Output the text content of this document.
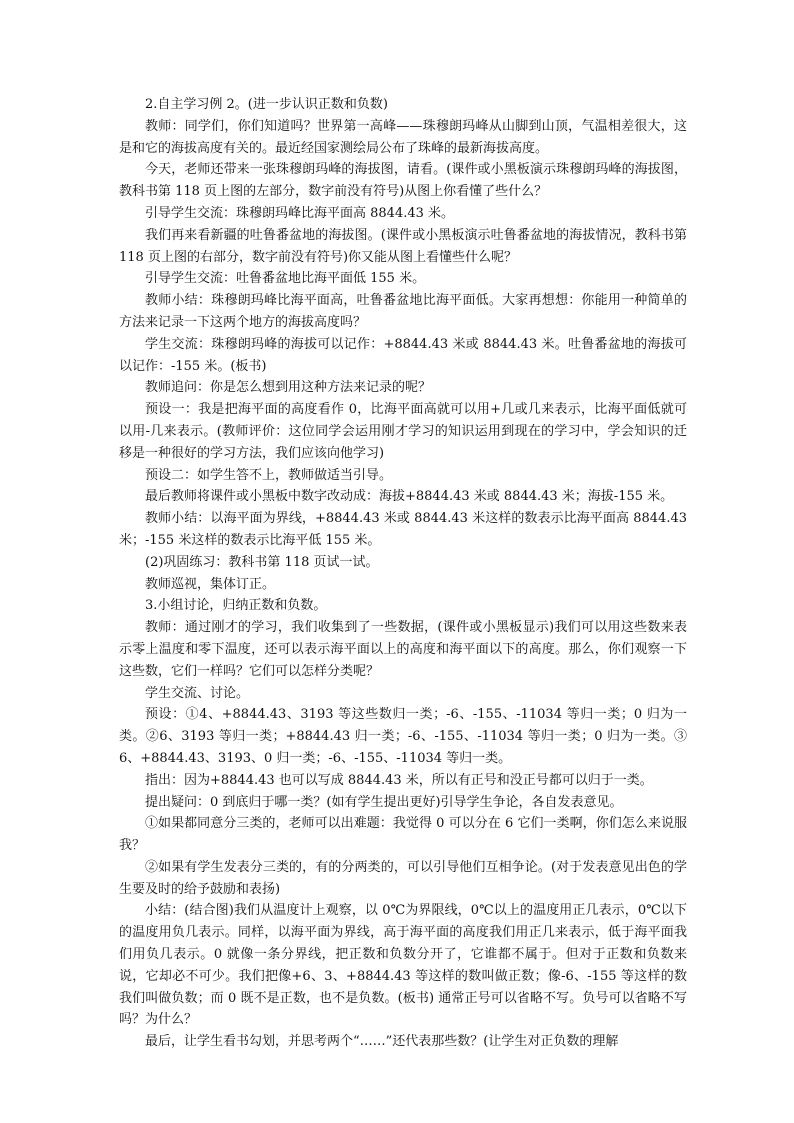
2.自主学习例 2。(进一步认识正数和负数)

教师：同学们，你们知道吗？世界第一高峰——珠穆朗玛峰从山脚到山顶，气温相差很大，这是和它的海拔高度有关的。最近经国家测绘局公布了珠峰的最新海拔高度。

今天，老师还带来一张珠穆朗玛峰的海拔图，请看。(课件或小黑板演示珠穆朗玛峰的海拔图，教科书第 118 页上图的左部分，数字前没有符号)从图上你看懂了些什么？

引导学生交流：珠穆朗玛峰比海平面高 8844.43 米。

我们再来看新疆的吐鲁番盆地的海拔图。(课件或小黑板演示吐鲁番盆地的海拔情况，教科书第 118 页上图的右部分，数字前没有符号)你又能从图上看懂些什么呢？

引导学生交流：吐鲁番盆地比海平面低 155 米。

教师小结：珠穆朗玛峰比海平面高，吐鲁番盆地比海平面低。大家再想想：你能用一种简单的方法来记录一下这两个地方的海拔高度吗？

学生交流：珠穆朗玛峰的海拔可以记作：+8844.43 米或 8844.43 米。吐鲁番盆地的海拔可以记作：-155 米。(板书)

教师追问：你是怎么想到用这种方法来记录的呢？

预设一：我是把海平面的高度看作 0，比海平面高就可以用+几或几来表示，比海平面低就可以用-几来表示。(教师评价：这位同学会运用刚才学习的知识运用到现在的学习中，学会知识的迁移是一种很好的学习方法，我们应该向他学习)

预设二：如学生答不上，教师做适当引导。

最后教师将课件或小黑板中数字改动成：海拔+8844.43 米或 8844.43 米；海拔-155 米。

教师小结：以海平面为界线，+8844.43 米或 8844.43 米这样的数表示比海平面高 8844.43 米；-155 米这样的数表示比海平低 155 米。

(2)巩固练习：教科书第 118 页试一试。

教师巡视，集体订正。

3.小组讨论，归纳正数和负数。

教师：通过刚才的学习，我们收集到了一些数据，(课件或小黑板显示)我们可以用这些数来表示零上温度和零下温度，还可以表示海平面以上的高度和海平面以下的高度。那么，你们观察一下这些数，它们一样吗？它们可以怎样分类呢？

学生交流、讨论。

预设：①4、+8844.43、3193 等这些数归一类；-6、-155、-11034 等归一类；0 归为一类。②6、3193 等归一类；+8844.43 归一类；-6、-155、-11034 等归一类；0 归为一类。③6、+8844.43、3193、0 归一类；-6、-155、-11034 等归一类。

指出：因为+8844.43 也可以写成 8844.43 米，所以有正号和没正号都可以归于一类。

提出疑问：0 到底归于哪一类？(如有学生提出更好)引导学生争论，各自发表意见。

①如果都同意分三类的，老师可以出难题：我觉得 0 可以分在 6 它们一类啊，你们怎么来说服我？

②如果有学生发表分三类的，有的分两类的，可以引导他们互相争论。(对于发表意见出色的学生要及时的给予鼓励和表扬)

小结：(结合图)我们从温度计上观察，以 0℃为界限线，0℃以上的温度用正几表示，0℃以下的温度用负几表示。同样，以海平面为界线，高于海平面的高度我们用正几来表示，低于海平面我们用负几表示。0 就像一条分界线，把正数和负数分开了，它谁都不属于。但对于正数和负数来说，它却必不可少。我们把像+6、3、+8844.43 等这样的数叫做正数；像-6、-155 等这样的数我们叫做负数；而 0 既不是正数，也不是负数。(板书) 通常正号可以省略不写。负号可以省略不写吗？为什么？

最后，让学生看书勾划，并思考两个“……”还代表那些数？(让学生对正负数的理解
